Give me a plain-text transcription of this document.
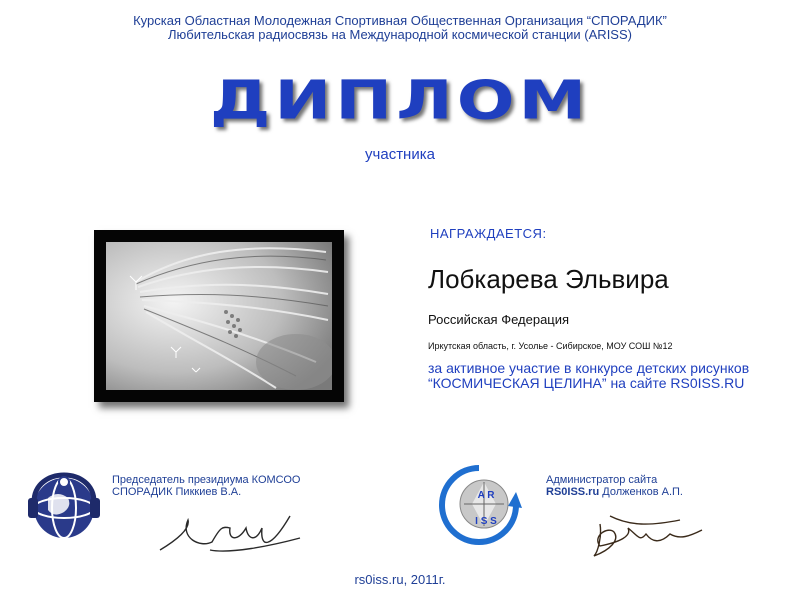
Курская Областная Молодежная Спортивная Общественная Организация “СПОРАДИК”
Любительская радиосвязь на Международной космической станции (ARISS)
ДИПЛОМ
участника
НАГРАЖДАЕТСЯ:
Лобкарева Эльвира
Российская Федерация
Иркутская область, г. Усолье - Сибирское, МОУ СОШ №12
за активное участие в конкурсе детских рисунков “КОСМИЧЕСКАЯ ЦЕЛИНА” на сайте RS0ISS.RU
Председатель президиума КОМСОО
СПОРАДИК Пиккиев В.А.	A R
I S S
Администратор сайта
RS0ISS.ru Долженков А.П.
rs0iss.ru, 2011г.
